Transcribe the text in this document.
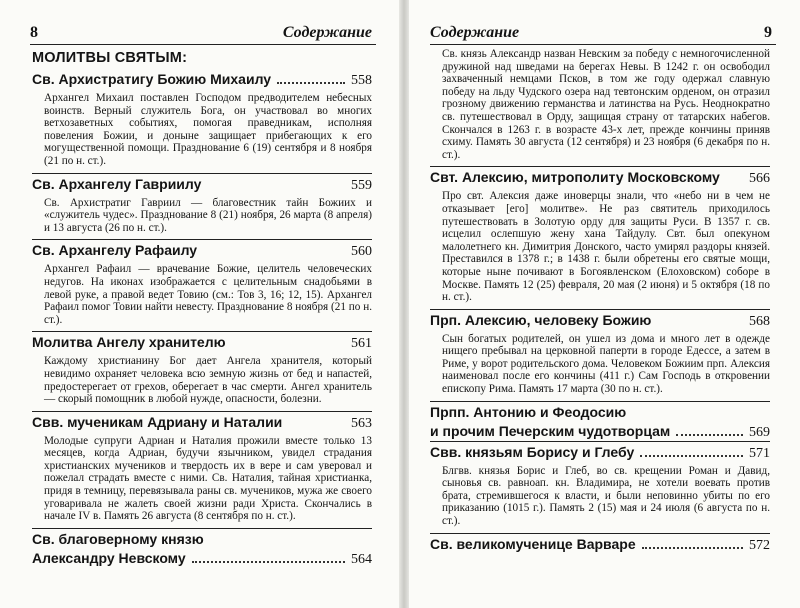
8	Содержание
МОЛИТВЫ СВЯТЫМ:
Св. Архистратигу Божию Михаилу	558
Архангел Михаил поставлен Господом предводителем небесных воинств. Верный служитель Бога, он участвовал во многих ветхозаветных событиях, помогая праведникам, исполняя повеления Божии, и доныне защищает прибегающих к его могущественной помощи. Празднование 6 (19) сентября и 8 ноября (21 по н. ст.).
Св. Архангелу Гавриилу	559
Св. Архистратиг Гавриил — благовестник тайн Божиих и «служитель чудес». Празднование 8 (21) ноября, 26 марта (8 апреля) и 13 августа (26 по н. ст.).
Св. Архангелу Рафаилу	560
Архангел Рафаил — врачевание Божие, целитель человеческих недугов. На иконах изображается с целительным снадобьями в левой руке, а правой ведет Товию (см.: Тов 3, 16; 12, 15). Архангел Рафаил помог Товии найти невесту. Празднование 8 ноября (21 по н. ст.).
Молитва Ангелу хранителю	561
Каждому христианину Бог дает Ангела хранителя, который невидимо охраняет человека всю земную жизнь от бед и напастей, предостерегает от грехов, оберегает в час смерти. Ангел хранитель — скорый помощник в любой нужде, опасности, болезни.
Свв. мученикам Адриану и Наталии	563
Молодые супруги Адриан и Наталия прожили вместе только 13 месяцев, когда Адриан, будучи язычником, увидел страдания христианских мучеников и твердость их в вере и сам уверовал и пожелал страдать вместе с ними. Св. Наталия, тайная христианка, придя в темницу, перевязывала раны св. мучеников, мужа же своего уговаривала не жалеть своей жизни ради Христа. Скончались в начале IV в. Память 26 августа (8 сентября по н. ст.).
Св. благоверному князю
Александру Невскому	564
Содержание	9
Св. князь Александр назван Невским за победу с немногочисленной дружиной над шведами на берегах Невы. В 1242 г. он освободил захваченный немцами Псков, в том же году одержал славную победу на льду Чудского озера над тевтонским орденом, он отразил грозному движению германства и латинства на Русь. Неоднократно св. путешествовал в Орду, защищая страну от татарских набегов. Скончался в 1263 г. в возрасте 43-х лет, прежде кончины приняв схиму. Память 30 августа (12 сентября) и 23 ноября (6 декабря по н. ст.).
Свт. Алексию, митрополиту Московскому 566
Про свт. Алексия даже иноверцы знали, что «небо ни в чем не отказывает [его] молитве». Не раз святитель приходилось путешествовать в Золотую орду для защиты Руси. В 1357 г. св. исцелил ослепшую жену хана Тайдулу. Свт. был опекуном малолетнего кн. Димитрия Донского, часто умирял раздоры князей. Преставился в 1378 г.; в 1438 г. были обретены его святые мощи, которые ныне почивают в Богоявленском (Елоховском) соборе в Москве. Память 12 (25) февраля, 20 мая (2 июня) и 5 октября (18 по н. ст.).
Прп. Алексию, человеку Божию	568
Сын богатых родителей, он ушел из дома и много лет в одежде нищего пребывал на церковной паперти в городе Едессе, а затем в Риме, у ворот родительского дома. Человеком Божиим прп. Алексия наименовал после его кончины (411 г.) Сам Господь в откровении епископу Рима. Память 17 марта (30 по н. ст.).
Прпп. Антонию и Феодосию
и прочим Печерским чудотворцам	569
Свв. князьям Борису и Глебу	571
Блгвв. князья Борис и Глеб, во св. крещении Роман и Давид, сыновья св. равноап. кн. Владимира, не хотели воевать против брата, стремившегося к власти, и были неповинно убиты по его приказанию (1015 г.). Память 2 (15) мая и 24 июля (6 августа по н. ст.).
Св. великомученице Варваре	572
